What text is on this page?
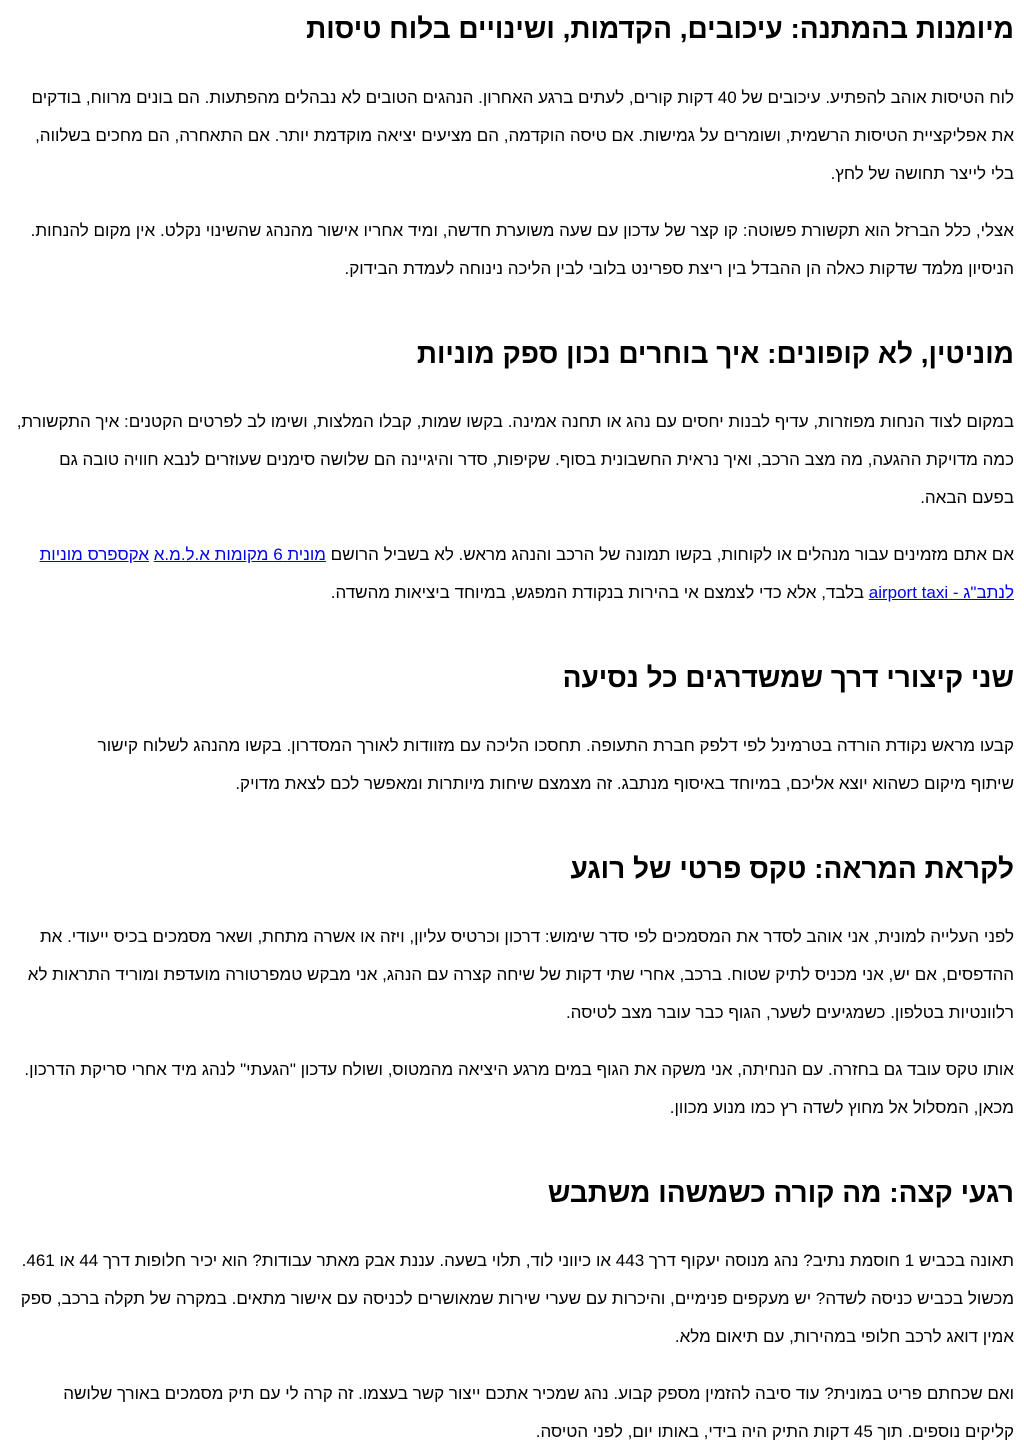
מיומנות בהמתנה: עיכובים, הקדמות, ושינויים בלוח טיסות

לוח הטיסות אוהב להפתיע. עיכובים של 40 דקות קורים, לעתים ברגע האחרון. הנהגים הטובים לא נבהלים מהפתעות. הם בונים מרווח, בודקים את אפליקציית הטיסות הרשמית, ושומרים על גמישות. אם טיסה הוקדמה, הם מציעים יציאה מוקדמת יותר. אם התאחרה, הם מחכים בשלווה, בלי לייצר תחושה של לחץ.

אצלי, כלל הברזל הוא תקשורת פשוטה: קו קצר של עדכון עם שעה משוערת חדשה, ומיד אחריו אישור מהנהג שהשינוי נקלט. אין מקום להנחות. הניסיון מלמד שדקות כאלה הן ההבדל בין ריצת ספרינט בלובי לבין הליכה נינוחה לעמדת הבידוק.

מוניטין, לא קופונים: איך בוחרים נכון ספק מוניות

במקום לצוד הנחות מפוזרות, עדיף לבנות יחסים עם נהג או תחנה אמינה. בקשו שמות, קבלו המלצות, ושימו לב לפרטים הקטנים: איך התקשורת, כמה מדויקת ההגעה, מה מצב הרכב, ואיך נראית החשבונית בסוף. שקיפות, סדר והיגיינה הם שלושה סימנים שעוזרים לנבא חוויה טובה גם בפעם הבאה.

אם אתם מזמינים עבור מנהלים או לקוחות, בקשו תמונה של הרכב והנהג מראש. לא בשביל הרושם מונית 6 מקומות א.ל.מ.א אקספרס מוניות לנתב"ג - airport taxi בלבד, אלא כדי לצמצם אי בהירות בנקודת המפגש, במיוחד ביציאות מהשדה.

שני קיצורי דרך שמשדרגים כל נסיעה

קבעו מראש נקודת הורדה בטרמינל לפי דלפק חברת התעופה. תחסכו הליכה עם מזוודות לאורך המסדרון. בקשו מהנהג לשלוח קישור שיתוף מיקום כשהוא יוצא אליכם, במיוחד באיסוף מנתבג. זה מצמצם שיחות מיותרות ומאפשר לכם לצאת מדויק.

לקראת המראה: טקס פרטי של רוגע

לפני העלייה למונית, אני אוהב לסדר את המסמכים לפי סדר שימוש: דרכון וכרטיס עליון, ויזה או אשרה מתחת, ושאר מסמכים בכיס ייעודי. את ההדפסים, אם יש, אני מכניס לתיק שטוח. ברכב, אחרי שתי דקות של שיחה קצרה עם הנהג, אני מבקש טמפרטורה מועדפת ומוריד התראות לא רלוונטיות בטלפון. כשמגיעים לשער, הגוף כבר עובר מצב לטיסה.

אותו טקס עובד גם בחזרה. עם הנחיתה, אני משקה את הגוף במים מרגע היציאה מהמטוס, ושולח עדכון "הגעתי" לנהג מיד אחרי סריקת הדרכון. מכאן, המסלול אל מחוץ לשדה רץ כמו מנוע מכוון.

רגעי קצה: מה קורה כשמשהו משתבש

תאונה בכביש 1 חוסמת נתיב? נהג מנוסה יעקוף דרך 443 או כיווני לוד, תלוי בשעה. עננת אבק מאתר עבודות? הוא יכיר חלופות דרך 44 או 461. מכשול בכביש כניסה לשדה? יש מעקפים פנימיים, והיכרות עם שערי שירות שמאושרים לכניסה עם אישור מתאים. במקרה של תקלה ברכב, ספק אמין דואג לרכב חלופי במהירות, עם תיאום מלא.

ואם שכחתם פריט במונית? עוד סיבה להזמין מספק קבוע. נהג שמכיר אתכם ייצור קשר בעצמו. זה קרה לי עם תיק מסמכים באורך שלושה קליקים נוספים. תוך 45 דקות התיק היה בידי, באותו יום, לפני הטיסה.
